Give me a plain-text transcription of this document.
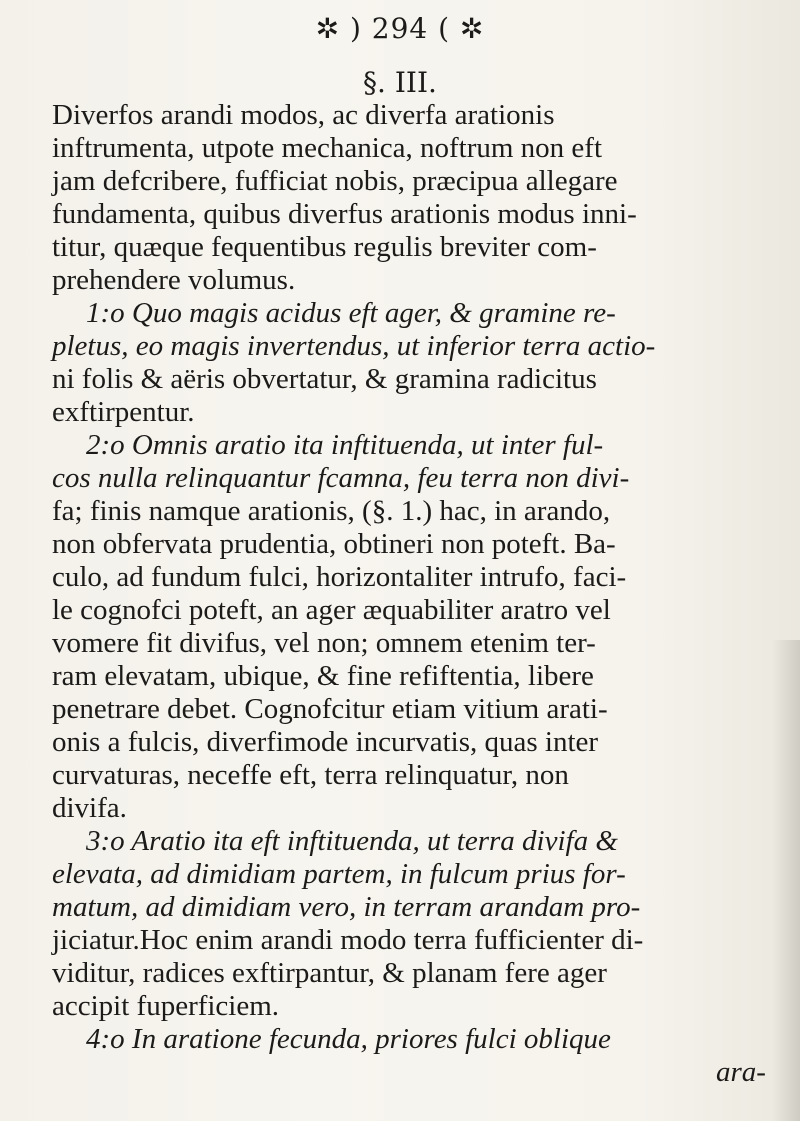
✲ ) 294 ( ✲
§. III.
Diverfos arandi modos, ac diverfa arationis
inftrumenta, utpote mechanica, noftrum non eft
jam defcribere, fufficiat nobis, præcipua allegare
fundamenta, quibus diverfus arationis modus inni-
titur, quæque fequentibus regulis breviter com-
prehendere volumus.
1:o Quo magis acidus eft ager, & gramine re-
pletus, eo magis invertendus, ut inferior terra actio-
ni folis & aëris obvertatur, & gramina radicitus
exftirpentur.
2:o Omnis aratio ita inftituenda, ut inter ful-
cos nulla relinquantur fcamna, feu terra non divi-
fa; finis namque arationis, (§. 1.) hac, in arando,
non obfervata prudentia, obtineri non poteft. Ba-
culo, ad fundum fulci, horizontaliter intrufo, faci-
le cognofci poteft, an ager æquabiliter aratro vel
vomere fit divifus, vel non; omnem etenim ter-
ram elevatam, ubique, & fine refiftentia, libere
penetrare debet. Cognofcitur etiam vitium arati-
onis a fulcis, diverfimode incurvatis, quas inter
curvaturas, neceffe eft, terra relinquatur, non
divifa.
3:o Aratio ita eft inftituenda, ut terra divifa &
elevata, ad dimidiam partem, in fulcum prius for-
matum, ad dimidiam vero, in terram arandam pro-
jiciatur.Hoc enim arandi modo terra fufficienter di-
viditur, radices exftirpantur, & planam fere ager
accipit fuperficiem.
4:o In aratione fecunda, priores fulci oblique
ara-
